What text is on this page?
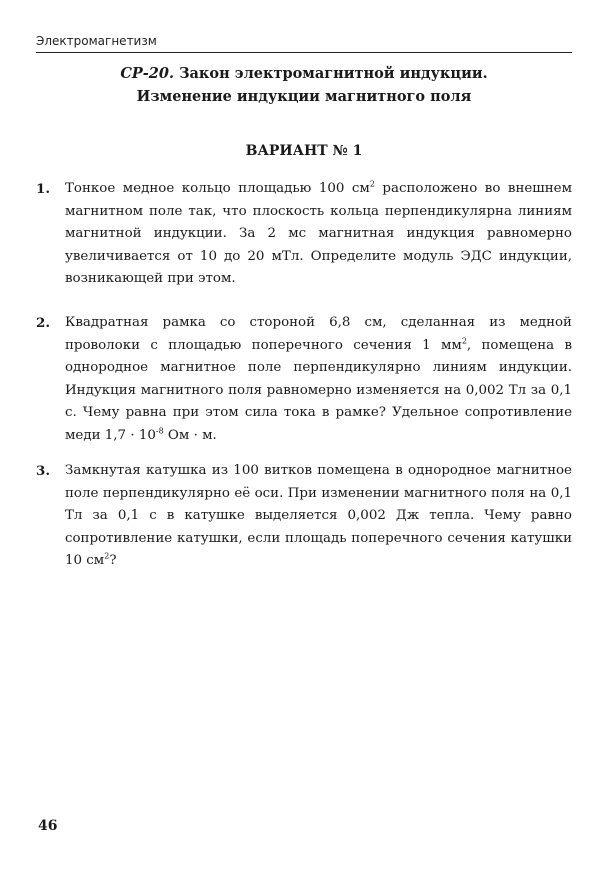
Электромагнетизм
СР-20. Закон электромагнитной индукции.
Изменение индукции магнитного поля
ВАРИАНТ № 1
1. Тонкое медное кольцо площадью 100 $см^2$ расположено во внешнем магнитном поле так, что плоскость кольца перпендикулярна линиям магнитной индукции. За 2 мс магнитная индукция равномерно увеличивается от 10 до 20 мТл. Определите модуль ЭДС индукции, возникающей при этом.
2. Квадратная рамка со стороной 6,8 см, сделанная из медной проволоки с площадью поперечного сечения 1 $мм^2$, помещена в однородное магнитное поле перпендикулярно линиям индукции. Индукция магнитного поля равномерно изменяется на 0,002 Тл за 0,1 с. Чему равна при этом сила тока в рамке? Удельное сопротивление меди $1,7 \cdot 10^{-8}$ Ом · м.
3. Замкнутая катушка из 100 витков помещена в однородное магнитное поле перпендикулярно её оси. При изменении магнитного поля на 0,1 Тл за 0,1 с в катушке выделяется 0,002 Дж тепла. Чему равно сопротивление катушки, если площадь поперечного сечения катушки 10 $см^2$?
46
